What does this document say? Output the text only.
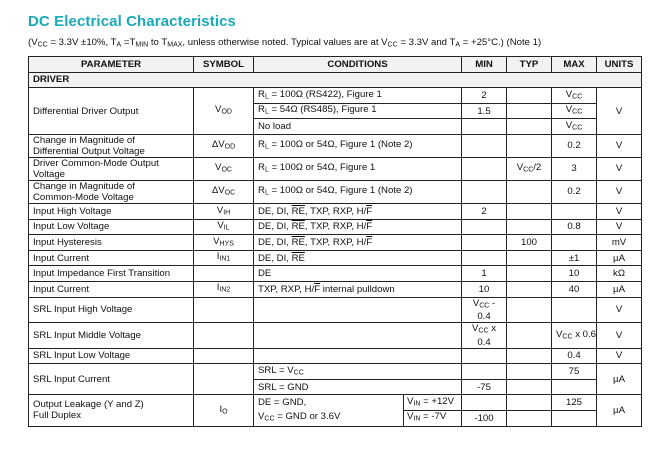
DC Electrical Characteristics
($V_{CC} = 3.3V \pm 10\%$, $T_A =T_{MIN}$ to $T_{MAX}$, unless otherwise noted. Typical values are at $V_{CC} = 3.3V$ and $T_A = +25^\circ C$.) (Note 1)
PARAMETER	SYMBOL	CONDITIONS		MIN	TYP	MAX	UNITS
DRIVER							
Differential Driver Output	$V_{OD}$	$R_L = 100\Omega$ (RS422), Figure 1		2		$V_{CC}$	V
		$R_L = 54\Omega$ (RS485), Figure 1		1.5		$V_{CC}$
		No load				$V_{CC}$
Change in Magnitude of
Differential Output Voltage	$\Delta V_{OD}$	$R_L = 100\Omega$ or 54Ω, Figure 1 (Note 2)				0.2	V
Driver Common-Mode Output
Voltage	$V_{OC}$	$R_L = 100\Omega$ or 54Ω, Figure 1			$V_{CC}/2$	3	V
Change in Magnitude of
Common-Mode Voltage	$\Delta V_{OC}$	$R_L = 100\Omega$ or 54Ω, Figure 1 (Note 2)				0.2	V
Input High Voltage	$V_{IH}$	DE, DI, $\overline{RE}$, TXP, RXP, $H/\overline{F}$		2			V
Input Low Voltage	$V_{IL}$	DE, DI, $\overline{RE}$, TXP, RXP, $H/\overline{F}$				0.8	V
Input Hysteresis	$V_{HYS}$	DE, DI, $\overline{RE}$, TXP, RXP, $H/\overline{F}$			100		mV
Input Current	$I_{IN1}$	DE, DI, $\overline{RE}$				±1	µA
Input Impedance First Transition		DE		1		10	kΩ
Input Current	$I_{IN2}$	TXP, RXP, $H/\overline{F}$ internal pulldown		10		40	µA
SRL Input High Voltage				$V_{CC} - 0.4$			V
SRL Input Middle Voltage				$V_{CC}$ x 0.4		$V_{CC}$ x 0.6	V
SRL Input Low Voltage						0.4	V
SRL Input Current		SRL = $V_{CC}$				75	µA
		SRL = GND		-75			
Output Leakage (Y and Z)
Full Duplex	$I_O$	DE = GND,	$V_{IN} = +12V$			125	µA
		$V_{CC}$ = GND or 3.6V	$V_{IN} = -7V$	-100			
